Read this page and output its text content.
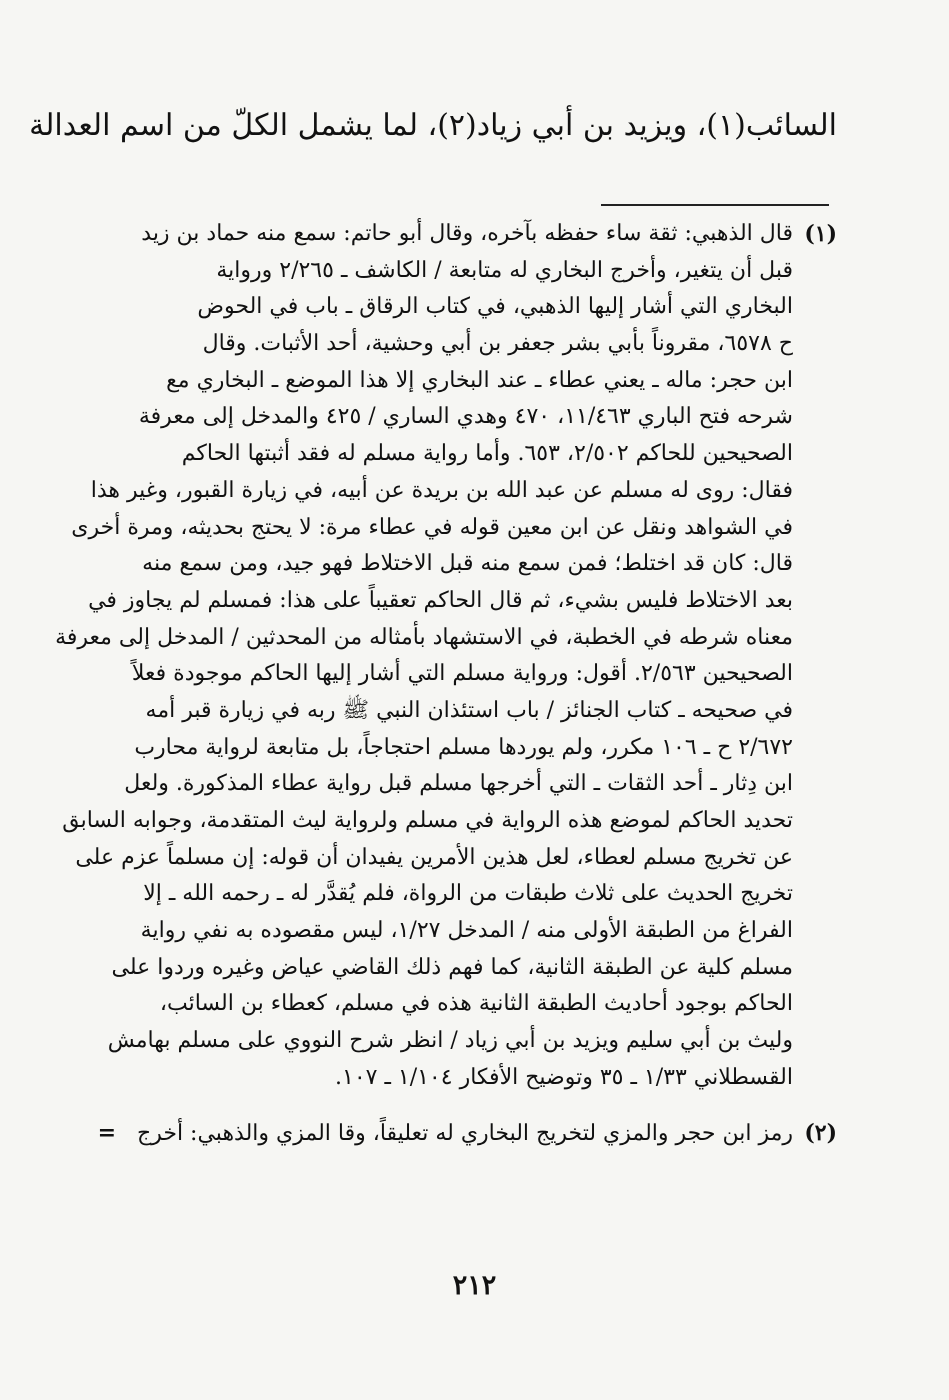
السائب(١)، ويزيد بن أبي زياد(٢)، لما يشمل الكلّ من اسم العدالة
(١)
قال الذهبي: ثقة ساء حفظه بآخره، وقال أبو حاتم: سمع منه حماد بن زيد
قبل أن يتغير، وأخرج البخاري له متابعة / الكاشف ـ ٢/٢٦٥ ورواية
البخاري التي أشار إليها الذهبي، في كتاب الرقاق ـ باب في الحوض
ح ٦٥٧٨، مقروناً بأبي بشر جعفر بن أبي وحشية، أحد الأثبات. وقال
ابن حجر: ماله ـ يعني عطاء ـ عند البخاري إلا هذا الموضع ـ البخاري مع
شرحه فتح الباري ١١/٤٦٣، ٤٧٠ وهدي الساري / ٤٢٥ والمدخل إلى معرفة
الصحيحين للحاكم ٢/٥٠٢، ٦٥٣. وأما رواية مسلم له فقد أثبتها الحاكم
فقال: روى له مسلم عن عبد الله بن بريدة عن أبيه، في زيارة القبور، وغير هذا
في الشواهد ونقل عن ابن معين قوله في عطاء مرة: لا يحتج بحديثه، ومرة أخرى
قال: كان قد اختلط؛ فمن سمع منه قبل الاختلاط فهو جيد، ومن سمع منه
بعد الاختلاط فليس بشيء، ثم قال الحاكم تعقيباً على هذا: فمسلم لم يجاوز في
معناه شرطه في الخطبة، في الاستشهاد بأمثاله من المحدثين / المدخل إلى معرفة
الصحيحين ٢/٥٦٣. أقول: ورواية مسلم التي أشار إليها الحاكم موجودة فعلاً
في صحيحه ـ كتاب الجنائز / باب استئذان النبي ﷺ ربه في زيارة قبر أمه
٢/٦٧٢ ح ـ ١٠٦ مكرر، ولم يوردها مسلم احتجاجاً، بل متابعة لرواية محارب
ابن دِثار ـ أحد الثقات ـ التي أخرجها مسلم قبل رواية عطاء المذكورة. ولعل
تحديد الحاكم لموضع هذه الرواية في مسلم ولرواية ليث المتقدمة، وجوابه السابق
عن تخريج مسلم لعطاء، لعل هذين الأمرين يفيدان أن قوله: إن مسلماً عزم على
تخريج الحديث على ثلاث طبقات من الرواة، فلم يُقدَّر له ـ رحمه الله ـ إلا
الفراغ من الطبقة الأولى منه / المدخل ١/٢٧، ليس مقصوده به نفي رواية
مسلم كلية عن الطبقة الثانية، كما فهم ذلك القاضي عياض وغيره وردوا على
الحاكم بوجود أحاديث الطبقة الثانية هذه في مسلم، كعطاء بن السائب،
وليث بن أبي سليم ويزيد بن أبي زياد / انظر شرح النووي على مسلم بهامش
القسطلاني ١/٣٣ ـ ٣٥ وتوضيح الأفكار ١/١٠٤ ـ ١٠٧.
(٢)
رمز ابن حجر والمزي لتخريج البخاري له تعليقاً، وقا المزي والذهبي: أخرج =
٢١٢
